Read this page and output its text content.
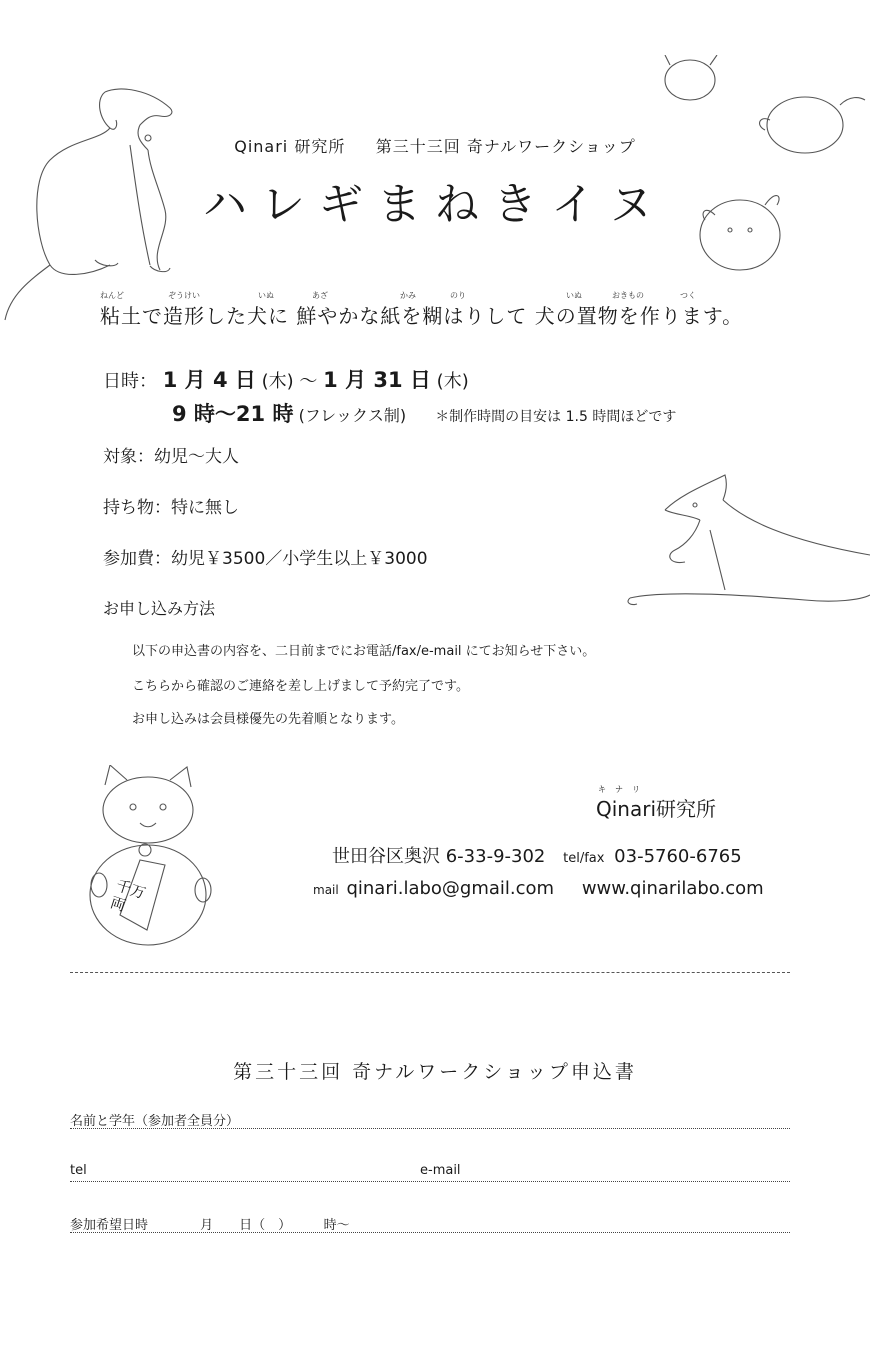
Qinari 研究所 第三十三回 奇ナルワークショップ
ハレギまねきイヌ
ねんど	ぞうけい	いぬ	あざ	かみ	のり	いぬ	おきもの	つく
粘土で造形した犬に 鮮やかな紙を糊はりして 犬の置物を作ります。
日時： 1 月 4 日 (木) ～ 1 月 31 日 (木)
9 時～21 時 (フレックス制) ＊制作時間の目安は 1.5 時間ほどです
対象：幼児～大人
持ち物：特に無し
参加費：幼児￥3500／小学生以上￥3000
お申し込み方法
以下の申込書の内容を、二日前までにお電話/fax/e-mail にてお知らせ下さい。
こちらから確認のご連絡を差し上げまして予約完了です。
お申し込みは会員様優先の先着順となります。
千万両
キナリ
Qinari研究所
世田谷区奥沢 6-33-9-302 tel/fax 03-5760-6765
mail qinari.labo@gmail.com www.qinarilabo.com
第三十三回 奇ナルワークショップ申込書
名前と学年（参加者全員分）
tel	e-mail
参加希望日時	月　　日（　）　　　時～
